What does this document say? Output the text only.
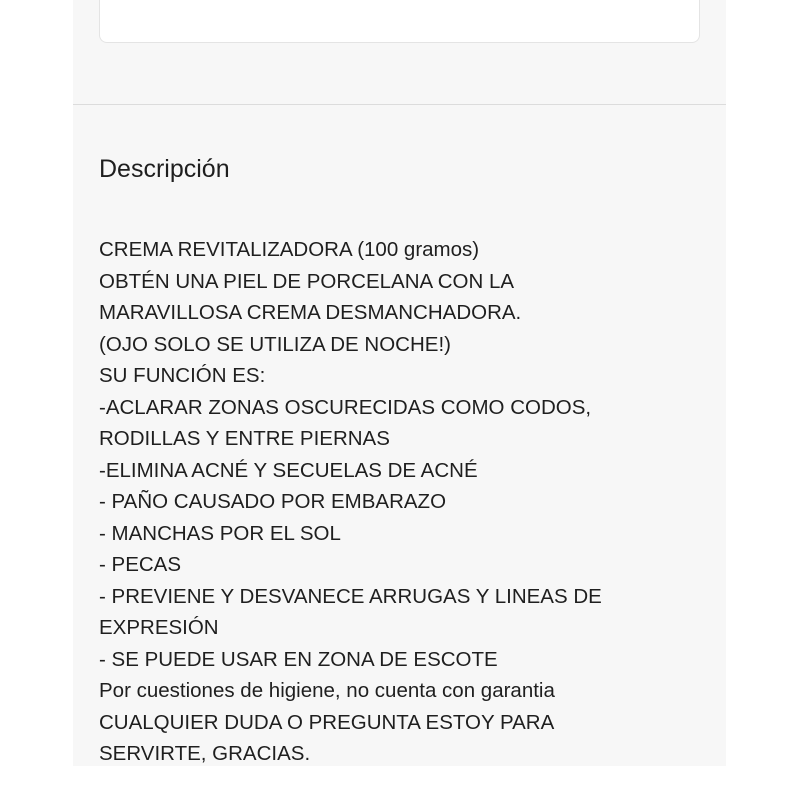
Descripción
CREMA REVITALIZADORA (100 gramos)
OBTÉN UNA PIEL DE PORCELANA CON LA
MARAVILLOSA CREMA DESMANCHADORA.
(OJO SOLO SE UTILIZA DE NOCHE!)
SU FUNCIÓN ES:
-ACLARAR ZONAS OSCURECIDAS COMO CODOS,
RODILLAS Y ENTRE PIERNAS
-ELIMINA ACNÉ Y SECUELAS DE ACNÉ
- PAÑO CAUSADO POR EMBARAZO
- MANCHAS POR EL SOL
- PECAS
- PREVIENE Y DESVANECE ARRUGAS Y LINEAS DE
EXPRESIÓN
- SE PUEDE USAR EN ZONA DE ESCOTE
Por cuestiones de higiene, no cuenta con garantia
CUALQUIER DUDA O PREGUNTA ESTOY PARA
SERVIRTE, GRACIAS.
